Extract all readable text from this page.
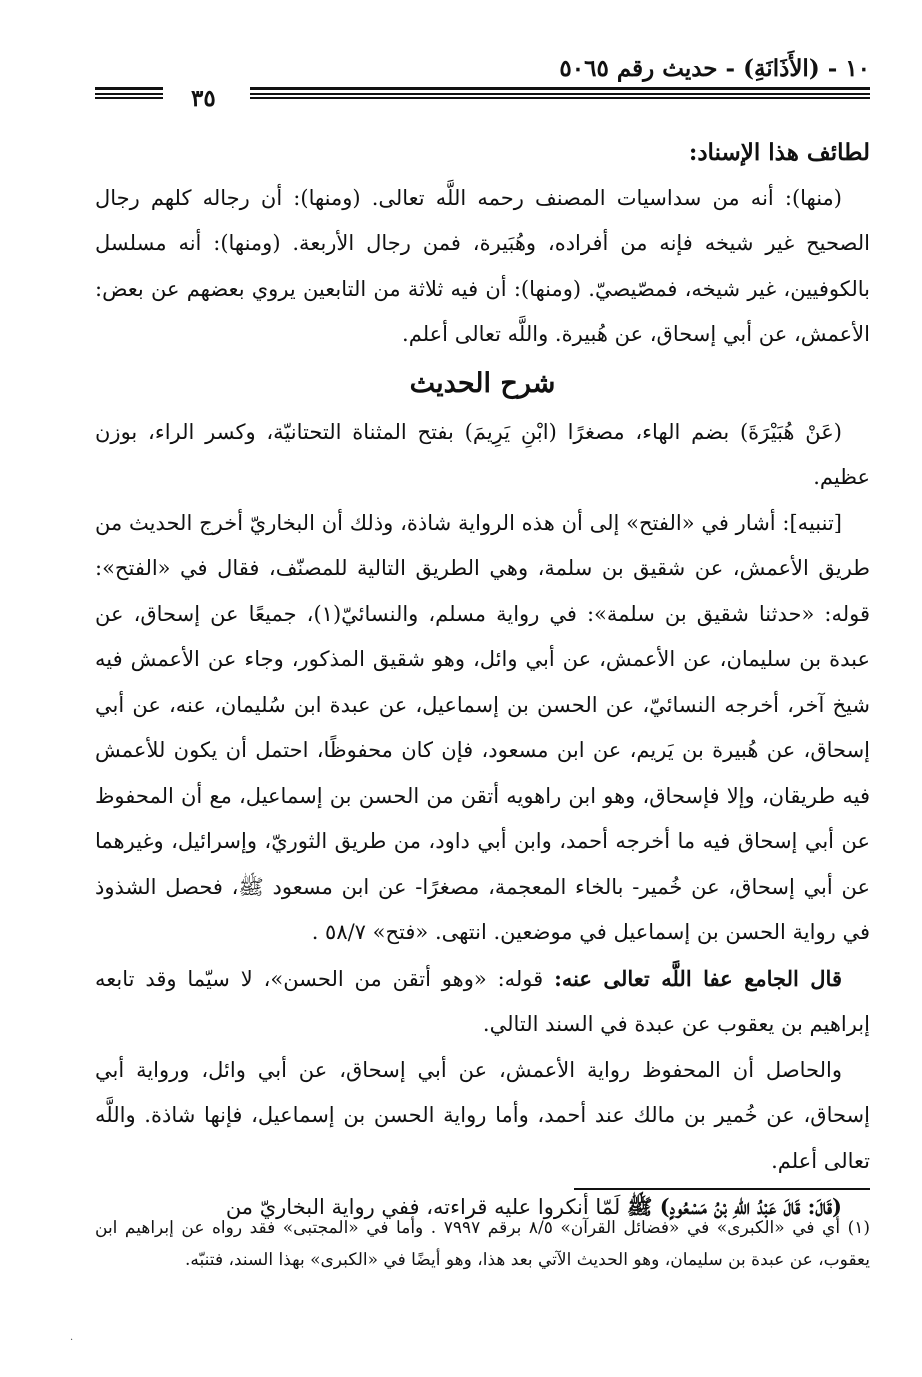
١٠ - (الأَذَانَةِ) - حديث رقم ٥٠٦٥
٣٥

لطائف هذا الإسناد:

(منها): أنه من سداسيات المصنف رحمه اللَّه تعالى. (ومنها): أن رجاله كلهم رجال الصحيح غير شيخه فإنه من أفراده، وهُبَيرة، فمن رجال الأربعة. (ومنها): أنه مسلسل بالكوفيين، غير شيخه، فمصّيصيّ. (ومنها): أن فيه ثلاثة من التابعين يروي بعضهم عن بعض: الأعمش، عن أبي إسحاق، عن هُبيرة. واللَّه تعالى أعلم.

شرح الحديث

(عَنْ هُبَيْرَةَ) بضم الهاء، مصغرًا (ابْنِ يَرِيمَ) بفتح المثناة التحتانيّة، وكسر الراء، بوزن عظيم.

[تنبيه]: أشار في «الفتح» إلى أن هذه الرواية شاذة، وذلك أن البخاريّ أخرج الحديث من طريق الأعمش، عن شقيق بن سلمة، وهي الطريق التالية للمصنّف، فقال في «الفتح»: قوله: «حدثنا شقيق بن سلمة»: في رواية مسلم، والنسائيّ(١)، جميعًا عن إسحاق، عن عبدة بن سليمان، عن الأعمش، عن أبي وائل، وهو شقيق المذكور، وجاء عن الأعمش فيه شيخ آخر، أخرجه النسائيّ، عن الحسن بن إسماعيل، عن عبدة ابن سُليمان، عنه، عن أبي إسحاق، عن هُبيرة بن يَريم، عن ابن مسعود، فإن كان محفوظًا، احتمل أن يكون للأعمش فيه طريقان، وإلا فإسحاق، وهو ابن راهويه أتقن من الحسن بن إسماعيل، مع أن المحفوظ عن أبي إسحاق فيه ما أخرجه أحمد، وابن أبي داود، من طريق الثوريّ، وإسرائيل، وغيرهما عن أبي إسحاق، عن خُمير- بالخاء المعجمة، مصغرًا- عن ابن مسعود ﷺ، فحصل الشذوذ في رواية الحسن بن إسماعيل في موضعين. انتهى. «فتح» ٥٨/٧ .

قال الجامع عفا اللَّه تعالى عنه: قوله: «وهو أتقن من الحسن»، لا سيّما وقد تابعه إبراهيم بن يعقوب عن عبدة في السند التالي.

والحاصل أن المحفوظ رواية الأعمش، عن أبي إسحاق، عن أبي وائل، ورواية أبي إسحاق، عن خُمير بن مالك عند أحمد، وأما رواية الحسن بن إسماعيل، فإنها شاذة. واللَّه تعالى أعلم.

(قَالَ: قَالَ عَبْدُ اللهِ بْنُ مَسْعُودٍ) ﷺ لَمّا أنكروا عليه قراءته، ففي رواية البخاريّ من

(١) أي في «الكبرى» في «فضائل القرآن» ٨/٥ برقم ٧٩٩٧ . وأما في «المجتبى» فقد رواه عن إبراهيم ابن يعقوب، عن عبدة بن سليمان، وهو الحديث الآتي بعد هذا، وهو أيضًا في «الكبرى» بهذا السند، فتنبّه.

·
